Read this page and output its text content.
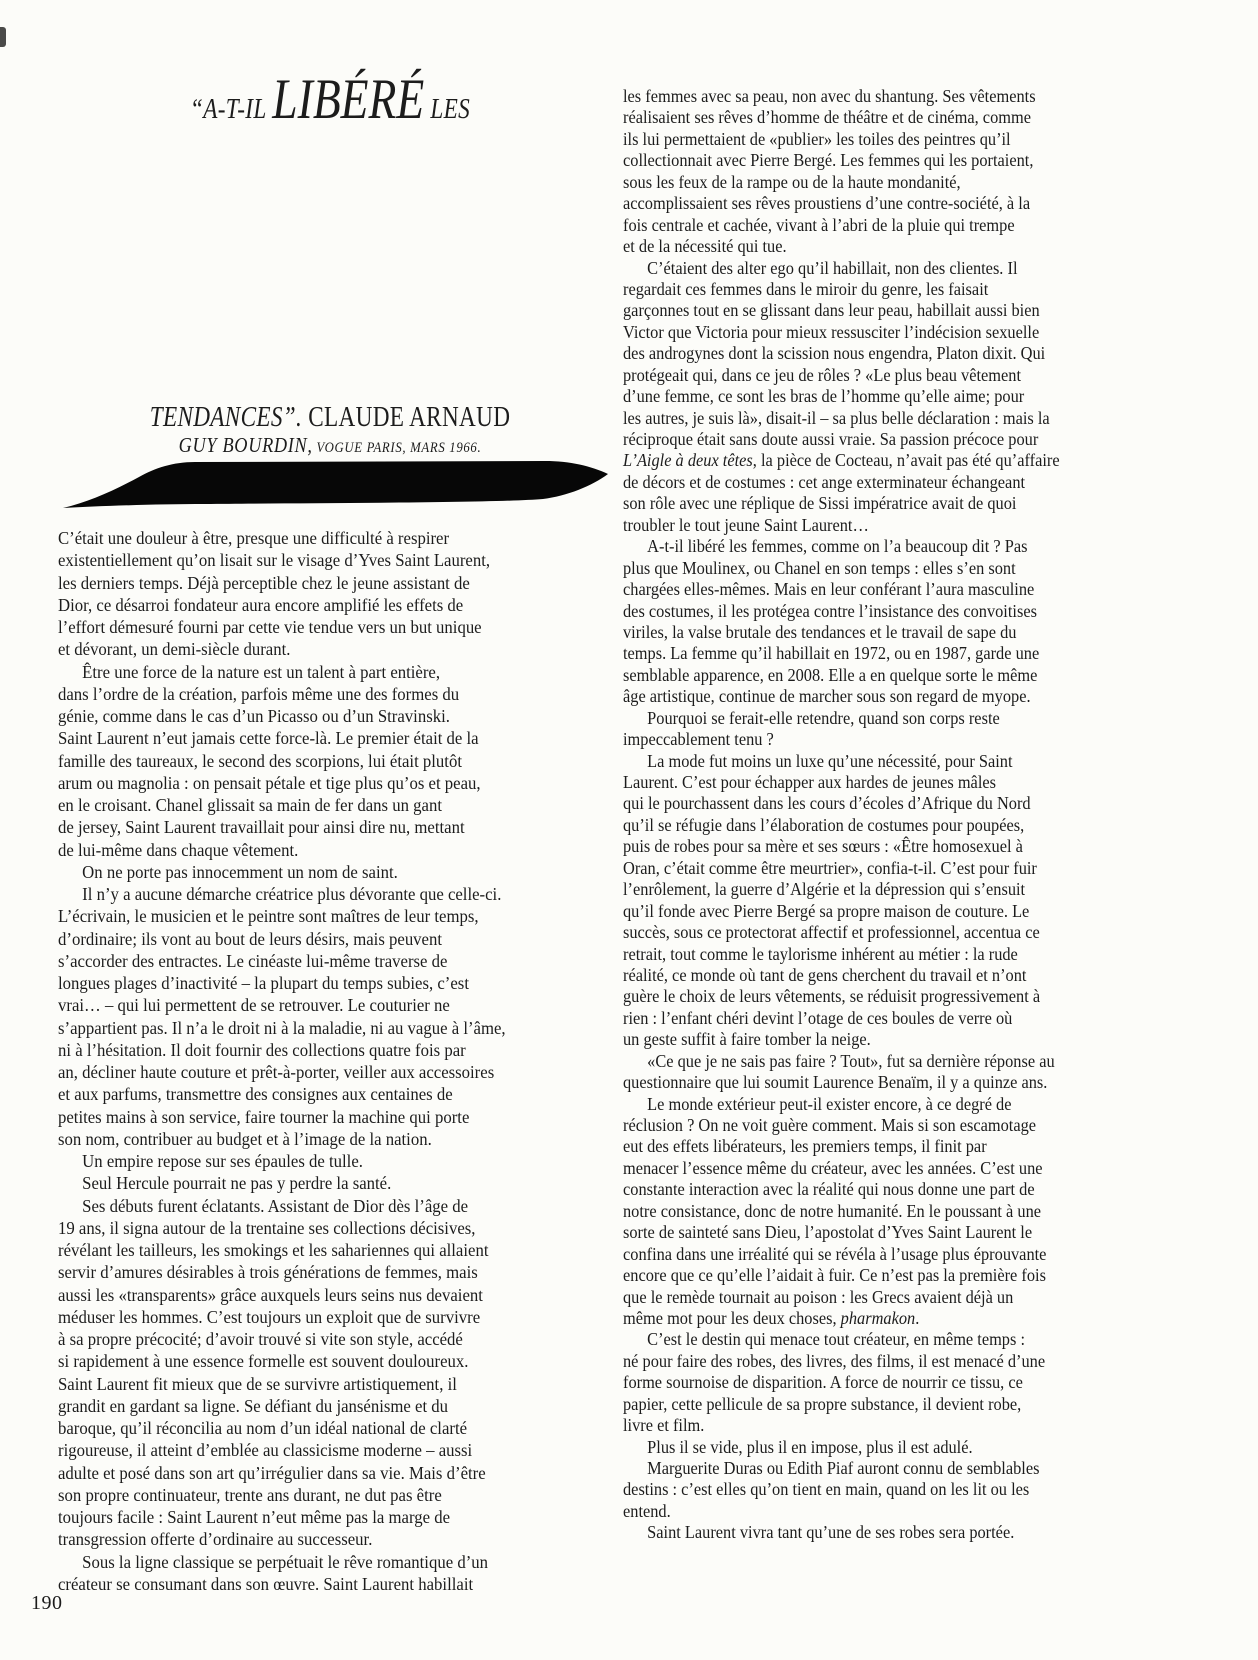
“A-T-IL LIBÉRÉ LES
TENDANCES”. CLAUDE ARNAUD
GUY BOURDIN, VOGUE PARIS, MARS 1966.
C’était une douleur à être, presque une difficulté à respirer
existentiellement qu’on lisait sur le visage d’Yves Saint Laurent,
les derniers temps. Déjà perceptible chez le jeune assistant de
Dior, ce désarroi fondateur aura encore amplifié les effets de
l’effort démesuré fourni par cette vie tendue vers un but unique
et dévorant, un demi-siècle durant.
Être une force de la nature est un talent à part entière,
dans l’ordre de la création, parfois même une des formes du
génie, comme dans le cas d’un Picasso ou d’un Stravinski.
Saint Laurent n’eut jamais cette force-là. Le premier était de la
famille des taureaux, le second des scorpions, lui était plutôt
arum ou magnolia : on pensait pétale et tige plus qu’os et peau,
en le croisant. Chanel glissait sa main de fer dans un gant
de jersey, Saint Laurent travaillait pour ainsi dire nu, mettant
de lui-même dans chaque vêtement.
On ne porte pas innocemment un nom de saint.
Il n’y a aucune démarche créatrice plus dévorante que celle-ci.
L’écrivain, le musicien et le peintre sont maîtres de leur temps,
d’ordinaire; ils vont au bout de leurs désirs, mais peuvent
s’accorder des entractes. Le cinéaste lui-même traverse de
longues plages d’inactivité – la plupart du temps subies, c’est
vrai… – qui lui permettent de se retrouver. Le couturier ne
s’appartient pas. Il n’a le droit ni à la maladie, ni au vague à l’âme,
ni à l’hésitation. Il doit fournir des collections quatre fois par
an, décliner haute couture et prêt-à-porter, veiller aux accessoires
et aux parfums, transmettre des consignes aux centaines de
petites mains à son service, faire tourner la machine qui porte
son nom, contribuer au budget et à l’image de la nation.
Un empire repose sur ses épaules de tulle.
Seul Hercule pourrait ne pas y perdre la santé.
Ses débuts furent éclatants. Assistant de Dior dès l’âge de
19 ans, il signa autour de la trentaine ses collections décisives,
révélant les tailleurs, les smokings et les sahariennes qui allaient
servir d’amures désirables à trois générations de femmes, mais
aussi les «transparents» grâce auxquels leurs seins nus devaient
méduser les hommes. C’est toujours un exploit que de survivre
à sa propre précocité; d’avoir trouvé si vite son style, accédé
si rapidement à une essence formelle est souvent douloureux.
Saint Laurent fit mieux que de se survivre artistiquement, il
grandit en gardant sa ligne. Se défiant du jansénisme et du
baroque, qu’il réconcilia au nom d’un idéal national de clarté
rigoureuse, il atteint d’emblée au classicisme moderne – aussi
adulte et posé dans son art qu’irrégulier dans sa vie. Mais d’être
son propre continuateur, trente ans durant, ne dut pas être
toujours facile : Saint Laurent n’eut même pas la marge de
transgression offerte d’ordinaire au successeur.
Sous la ligne classique se perpétuait le rêve romantique d’un
créateur se consumant dans son œuvre. Saint Laurent habillait
les femmes avec sa peau, non avec du shantung. Ses vêtements
réalisaient ses rêves d’homme de théâtre et de cinéma, comme
ils lui permettaient de «publier» les toiles des peintres qu’il
collectionnait avec Pierre Bergé. Les femmes qui les portaient,
sous les feux de la rampe ou de la haute mondanité,
accomplissaient ses rêves proustiens d’une contre-société, à la
fois centrale et cachée, vivant à l’abri de la pluie qui trempe
et de la nécessité qui tue.
C’étaient des alter ego qu’il habillait, non des clientes. Il
regardait ces femmes dans le miroir du genre, les faisait
garçonnes tout en se glissant dans leur peau, habillait aussi bien
Victor que Victoria pour mieux ressusciter l’indécision sexuelle
des androgynes dont la scission nous engendra, Platon dixit. Qui
protégeait qui, dans ce jeu de rôles ? «Le plus beau vêtement
d’une femme, ce sont les bras de l’homme qu’elle aime; pour
les autres, je suis là», disait-il – sa plus belle déclaration : mais la
réciproque était sans doute aussi vraie. Sa passion précoce pour
L’Aigle à deux têtes, la pièce de Cocteau, n’avait pas été qu’affaire
de décors et de costumes : cet ange exterminateur échangeant
son rôle avec une réplique de Sissi impératrice avait de quoi
troubler le tout jeune Saint Laurent…
A-t-il libéré les femmes, comme on l’a beaucoup dit ? Pas
plus que Moulinex, ou Chanel en son temps : elles s’en sont
chargées elles-mêmes. Mais en leur conférant l’aura masculine
des costumes, il les protégea contre l’insistance des convoitises
viriles, la valse brutale des tendances et le travail de sape du
temps. La femme qu’il habillait en 1972, ou en 1987, garde une
semblable apparence, en 2008. Elle a en quelque sorte le même
âge artistique, continue de marcher sous son regard de myope.
Pourquoi se ferait-elle retendre, quand son corps reste
impeccablement tenu ?
La mode fut moins un luxe qu’une nécessité, pour Saint
Laurent. C’est pour échapper aux hardes de jeunes mâles
qui le pourchassent dans les cours d’écoles d’Afrique du Nord
qu’il se réfugie dans l’élaboration de costumes pour poupées,
puis de robes pour sa mère et ses sœurs : «Être homosexuel à
Oran, c’était comme être meurtrier», confia-t-il. C’est pour fuir
l’enrôlement, la guerre d’Algérie et la dépression qui s’ensuit
qu’il fonde avec Pierre Bergé sa propre maison de couture. Le
succès, sous ce protectorat affectif et professionnel, accentua ce
retrait, tout comme le taylorisme inhérent au métier : la rude
réalité, ce monde où tant de gens cherchent du travail et n’ont
guère le choix de leurs vêtements, se réduisit progressivement à
rien : l’enfant chéri devint l’otage de ces boules de verre où
un geste suffit à faire tomber la neige.
«Ce que je ne sais pas faire ? Tout», fut sa dernière réponse au
questionnaire que lui soumit Laurence Benaïm, il y a quinze ans.
Le monde extérieur peut-il exister encore, à ce degré de
réclusion ? On ne voit guère comment. Mais si son escamotage
eut des effets libérateurs, les premiers temps, il finit par
menacer l’essence même du créateur, avec les années. C’est une
constante interaction avec la réalité qui nous donne une part de
notre consistance, donc de notre humanité. En le poussant à une
sorte de sainteté sans Dieu, l’apostolat d’Yves Saint Laurent le
confina dans une irréalité qui se révéla à l’usage plus éprouvante
encore que ce qu’elle l’aidait à fuir. Ce n’est pas la première fois
que le remède tournait au poison : les Grecs avaient déjà un
même mot pour les deux choses, pharmakon.
C’est le destin qui menace tout créateur, en même temps :
né pour faire des robes, des livres, des films, il est menacé d’une
forme sournoise de disparition. A force de nourrir ce tissu, ce
papier, cette pellicule de sa propre substance, il devient robe,
livre et film.
Plus il se vide, plus il en impose, plus il est adulé.
Marguerite Duras ou Edith Piaf auront connu de semblables
destins : c’est elles qu’on tient en main, quand on les lit ou les
entend.
Saint Laurent vivra tant qu’une de ses robes sera portée.
190
